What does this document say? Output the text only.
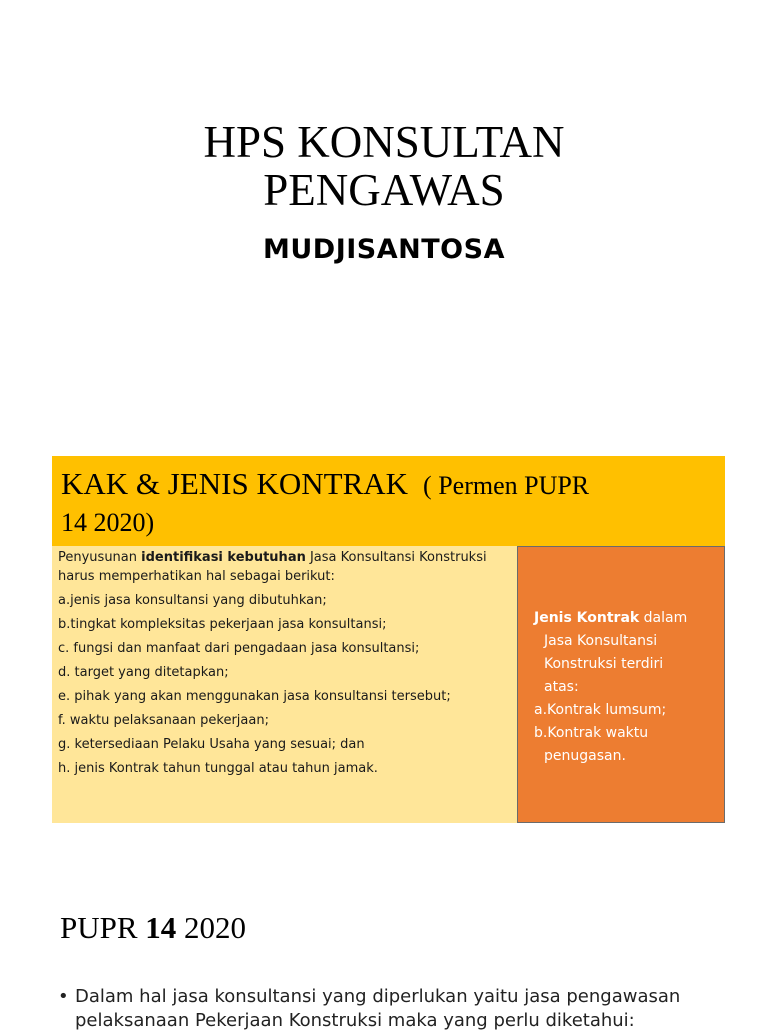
HPS KONSULTAN
PENGAWAS
MUDJISANTOSA
KAK & JENIS KONTRAK ( Permen PUPR
14 2020)
Penyusunan identifikasi kebutuhan Jasa Konsultansi Konstruksi harus memperhatikan hal sebagai berikut:
a.jenis jasa konsultansi yang dibutuhkan;
b.tingkat kompleksitas pekerjaan jasa konsultansi;
c. fungsi dan manfaat dari pengadaan jasa konsultansi;
d. target yang ditetapkan;
e. pihak yang akan menggunakan jasa konsultansi tersebut;
f. waktu pelaksanaan pekerjaan;
g. ketersediaan Pelaku Usaha yang sesuai; dan
h. jenis Kontrak tahun tunggal atau tahun jamak.
Jenis Kontrak dalam
Jasa Konsultansi
Konstruksi terdiri
atas:
a.Kontrak lumsum;
b.Kontrak waktu
penugasan.
PUPR 14 2020
• Dalam hal jasa konsultansi yang diperlukan yaitu jasa pengawasan
pelaksanaan Pekerjaan Konstruksi maka yang perlu diketahui:
